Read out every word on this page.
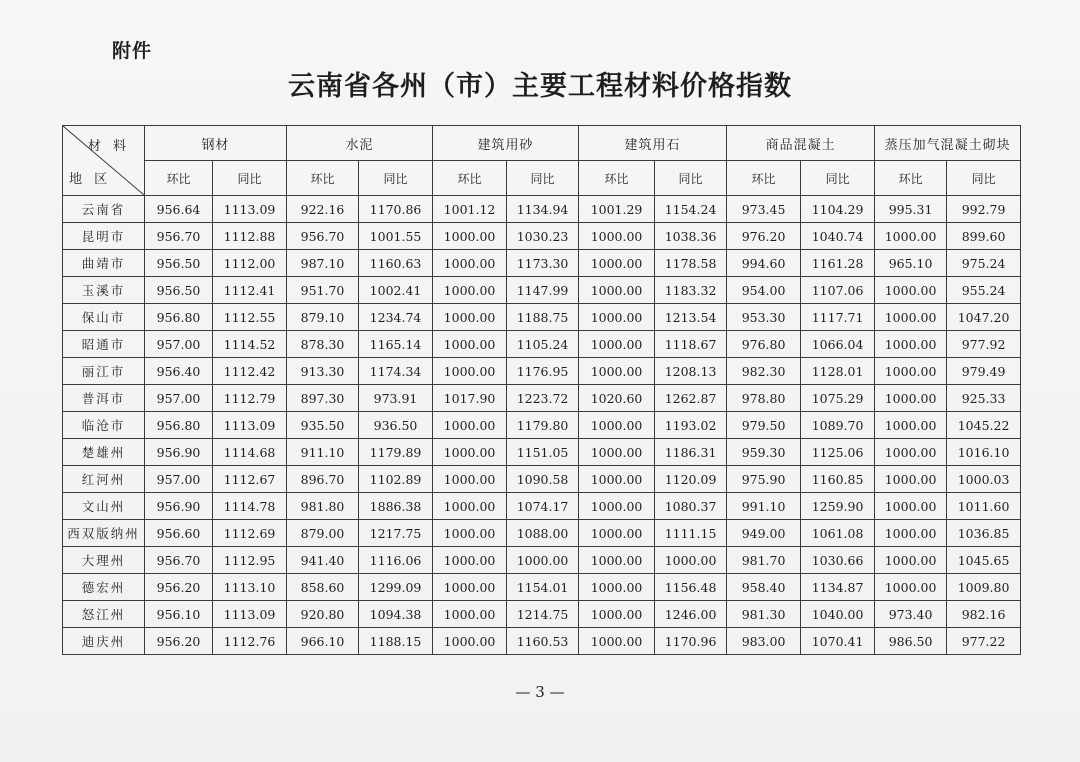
附件
云南省各州（市）主要工程材料价格指数
材 料
地 区	钢材		水泥		建筑用砂		建筑用石		商品混凝土		蒸压加气混凝土砌块	
	环比	同比	环比	同比	环比	同比	环比	同比	环比	同比	环比	同比
云南省	956.64	1113.09	922.16	1170.86	1001.12	1134.94	1001.29	1154.24	973.45	1104.29	995.31	992.79
昆明市	956.70	1112.88	956.70	1001.55	1000.00	1030.23	1000.00	1038.36	976.20	1040.74	1000.00	899.60
曲靖市	956.50	1112.00	987.10	1160.63	1000.00	1173.30	1000.00	1178.58	994.60	1161.28	965.10	975.24
玉溪市	956.50	1112.41	951.70	1002.41	1000.00	1147.99	1000.00	1183.32	954.00	1107.06	1000.00	955.24
保山市	956.80	1112.55	879.10	1234.74	1000.00	1188.75	1000.00	1213.54	953.30	1117.71	1000.00	1047.20
昭通市	957.00	1114.52	878.30	1165.14	1000.00	1105.24	1000.00	1118.67	976.80	1066.04	1000.00	977.92
丽江市	956.40	1112.42	913.30	1174.34	1000.00	1176.95	1000.00	1208.13	982.30	1128.01	1000.00	979.49
普洱市	957.00	1112.79	897.30	973.91	1017.90	1223.72	1020.60	1262.87	978.80	1075.29	1000.00	925.33
临沧市	956.80	1113.09	935.50	936.50	1000.00	1179.80	1000.00	1193.02	979.50	1089.70	1000.00	1045.22
楚雄州	956.90	1114.68	911.10	1179.89	1000.00	1151.05	1000.00	1186.31	959.30	1125.06	1000.00	1016.10
红河州	957.00	1112.67	896.70	1102.89	1000.00	1090.58	1000.00	1120.09	975.90	1160.85	1000.00	1000.03
文山州	956.90	1114.78	981.80	1886.38	1000.00	1074.17	1000.00	1080.37	991.10	1259.90	1000.00	1011.60
西双版纳州	956.60	1112.69	879.00	1217.75	1000.00	1088.00	1000.00	1111.15	949.00	1061.08	1000.00	1036.85
大理州	956.70	1112.95	941.40	1116.06	1000.00	1000.00	1000.00	1000.00	981.70	1030.66	1000.00	1045.65
德宏州	956.20	1113.10	858.60	1299.09	1000.00	1154.01	1000.00	1156.48	958.40	1134.87	1000.00	1009.80
怒江州	956.10	1113.09	920.80	1094.38	1000.00	1214.75	1000.00	1246.00	981.30	1040.00	973.40	982.16
迪庆州	956.20	1112.76	966.10	1188.15	1000.00	1160.53	1000.00	1170.96	983.00	1070.41	986.50	977.22
— 3 —
